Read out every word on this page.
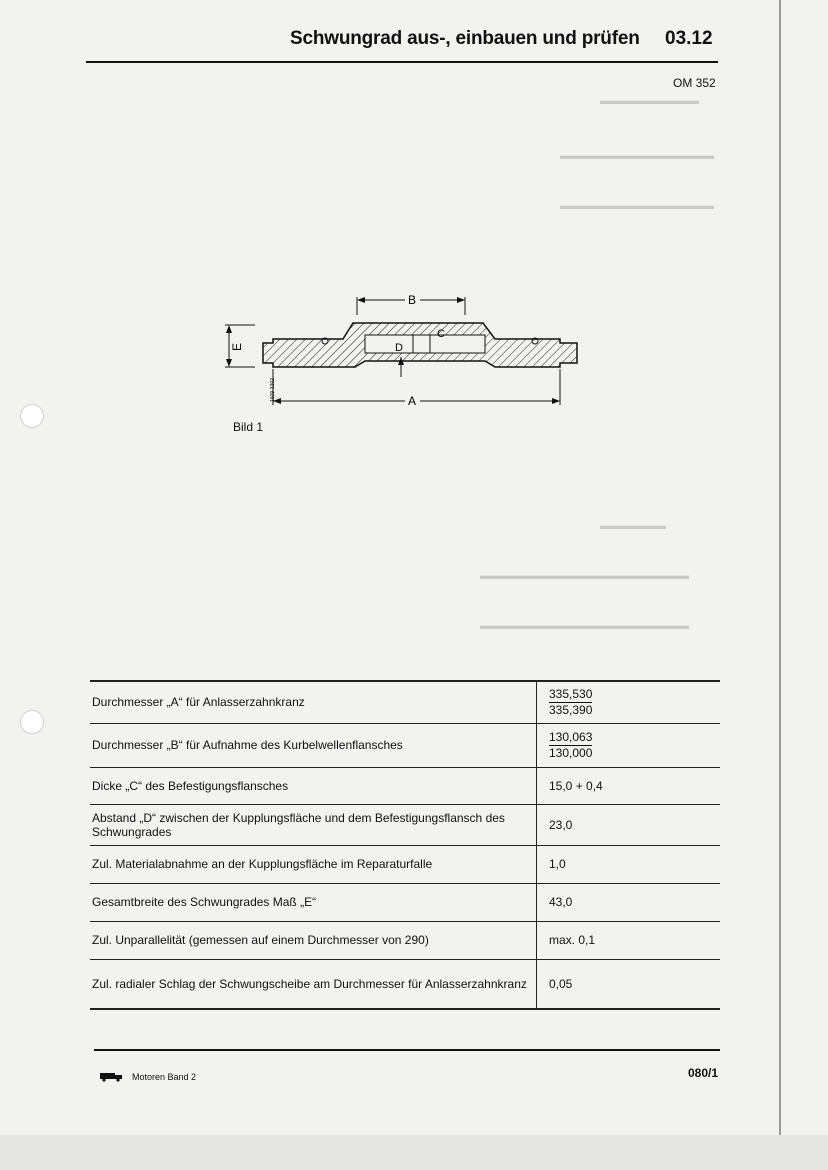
▬▬▬▬▬▬▬▬▬
▬▬▬▬▬▬▬▬▬▬▬▬▬▬
▬▬▬▬▬▬▬▬▬▬▬▬▬▬
▬▬▬▬▬▬
▬▬▬▬▬▬▬▬▬▬▬▬▬▬▬▬▬▬▬
▬▬▬▬▬▬▬▬▬▬▬▬▬▬▬▬▬▬▬
Schwungrad aus-, einbauen und prüfen 03.12
OM 352
B
D
C
E
A
1609-3302
Bild 1
Durchmesser „A“ für Anlasserzahnkranz	$\frac{335,530}{335,390}$

Durchmesser „B“ für Aufnahme des Kurbelwellenflansches	$\frac{130,063}{130,000}$

Dicke „C“ des Befestigungsflansches	15,0 + 0,4
Abstand „D“ zwischen der Kupplungsfläche und dem Befestigungsflansch des Schwungrades	23,0
Zul. Materialabnahme an der Kupplungsfläche im Reparaturfalle	1,0
Gesamtbreite des Schwungrades Maß „E“	43,0
Zul. Unparallelität (gemessen auf einem Durchmesser von 290)	max. 0,1
Zul. radialer Schlag der Schwungscheibe am Durchmesser für Anlasserzahnkranz	0,05
Motoren Band 2	080/1
